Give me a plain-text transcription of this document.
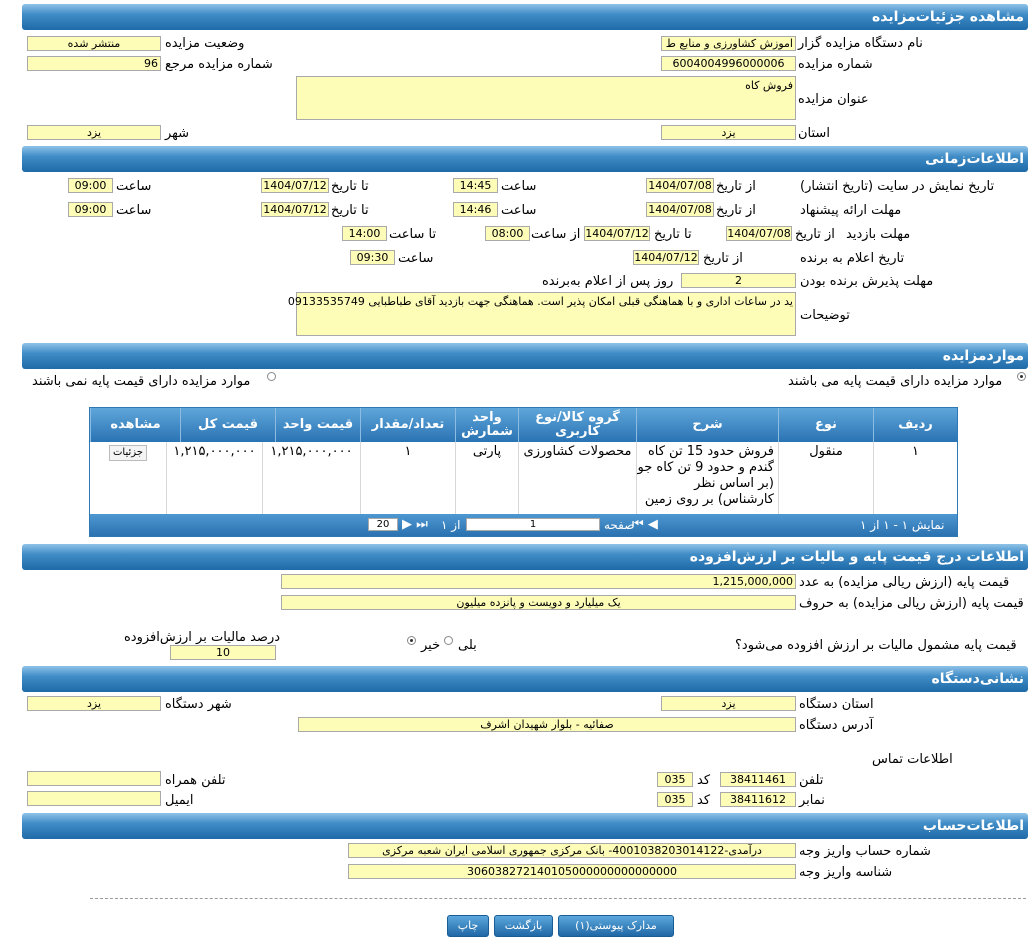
مشاهده جزئیات‌مزایده
نام دستگاه مزایده گزار
اموزش کشاورزی و منابع ط
وضعیت مزایده
منتشر شده
شماره مزایده
6004004996000006
شماره مزایده مرجع
96
عنوان مزایده
فروش کاه
استان
یزد
شهر
یزد
اطلاعات‌زمانی
تاریخ نمایش در سایت (تاریخ انتشار)
از تاریخ
1404/07/08
ساعت
14:45
تا تاریخ
1404/07/12
ساعت
09:00
مهلت ارائه پیشنهاد
از تاریخ
1404/07/08
ساعت
14:46
تا تاریخ
1404/07/12
ساعت
09:00
مهلت بازدید
از تاریخ
1404/07/08
تا تاریخ
1404/07/12
از ساعت
08:00
تا ساعت
14:00
تاریخ اعلام به برنده
از تاریخ
1404/07/12
ساعت
09:30
مهلت پذیرش برنده بودن
2
روز پس از اعلام به‌برنده
توضیحات
ید در ساعات اداری و با هماهنگی قبلی امکان پذیر است. هماهنگی جهت بازدید آقای طباطبایی 09133535749
مواردمزایده
موارد مزایده دارای قیمت پایه می باشند
موارد مزایده دارای قیمت پایه نمی باشند
ردیف
نوع
شرح
گروه کالا/نوع کاربری
واحد شمارش
تعداد/مقدار
قیمت واحد
قیمت کل
مشاهده
۱
منقول
فروش حدود 15 تن کاه گندم و حدود 9 تن کاه جو (بر اساس نظر کارشناس) بر روی زمین
محصولات کشاورزی
پارتی
۱
۱,۲۱۵,۰۰۰,۰۰۰
۱,۲۱۵,۰۰۰,۰۰۰
جزئیات
نمایش ۱ - ۱ از ۱
⏮ ◀
صفحه
1
از ۱
▶ ⏭
20
اطلاعات درج قیمت پایه و مالیات بر ارزش‌افزوده
قیمت پایه (ارزش ریالی مزایده) به عدد
1,215,000,000
قیمت پایه (ارزش ریالی مزایده) به حروف
یک میلیارد و دویست و پانزده میلیون
قیمت پایه مشمول مالیات بر ارزش افزوده می‌شود؟
بلی
خیر
درصد مالیات بر ارزش‌افزوده
10
نشانی‌دستگاه
استان دستگاه
یزد
شهر دستگاه
یزد
آدرس دستگاه
صفائیه - بلوار شهیدان اشرف
اطلاعات تماس
تلفن
38411461
کد
035
تلفن همراه
نمابر
38411612
کد
035
ایمیل
اطلاعات‌حساب
شماره حساب واریز وجه
درآمدی-4001038203014122- بانک مرکزی جمهوری اسلامی ایران شعبه مرکزی
شناسه واریز وجه
306038272140105000000000000000
مدارک پیوستی(۱)
بازگشت
چاپ
